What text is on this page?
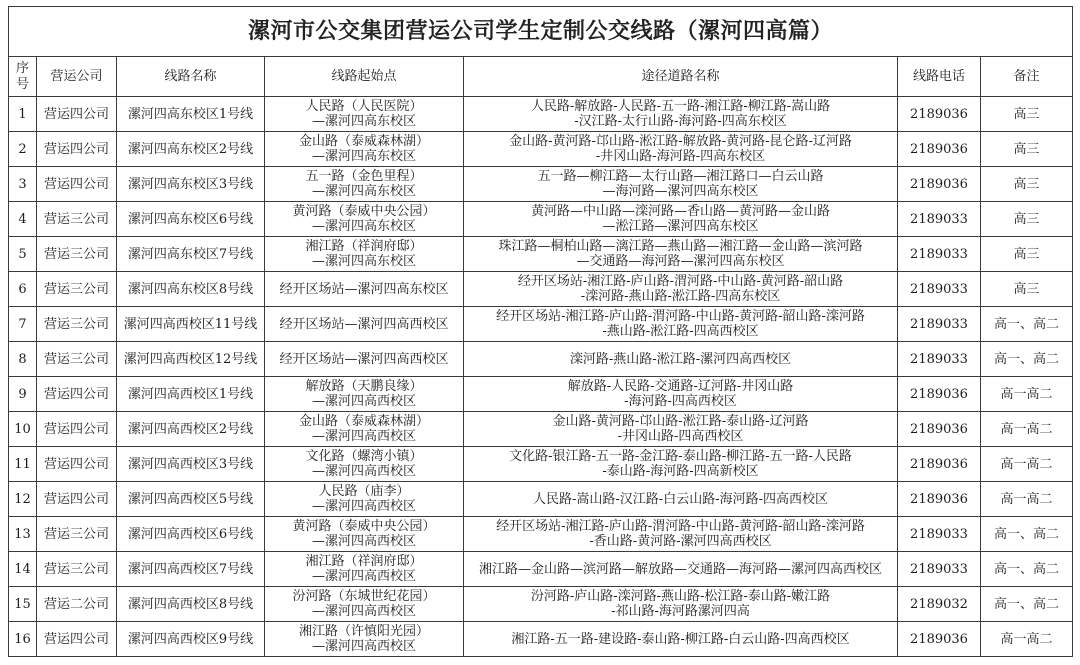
漯河市公交集团营运公司学生定制公交线路（漯河四高篇）						
序号	营运公司	线路名称	线路起始点	途径道路名称	线路电话	备注
1	营运四公司	漯河四高东校区1号线	人民路（人民医院）
—漯河四高东校区	人民路-解放路-人民路-五一路-湘江路-柳江路-嵩山路
-汉江路-太行山路-海河路-四高东校区	2189036	高三
2	营运四公司	漯河四高东校区2号线	金山路（泰威森林湖）
—漯河四高东校区	金山路-黄河路-邙山路-淞江路-解放路-黄河路-昆仑路-辽河路
-井冈山路-海河路-四高东校区	2189036	高三
3	营运四公司	漯河四高东校区3号线	五一路（金色里程）
—漯河四高东校区	五一路—柳江路—太行山路—湘江路口—白云山路
—海河路—漯河四高东校区	2189036	高三
4	营运三公司	漯河四高东校区6号线	黄河路（泰威中央公园）
—漯河四高东校区	黄河路—中山路—滦河路—香山路—黄河路—金山路
—淞江路—漯河四高东校区	2189033	高三
5	营运三公司	漯河四高东校区7号线	湘江路（祥润府邸）
—漯河四高东校区	珠江路—桐柏山路—漓江路—燕山路—湘江路—金山路—滨河路
—交通路—海河路—漯河四高东校区	2189033	高三
6	营运三公司	漯河四高东校区8号线	经开区场站—漯河四高东校区	经开区场站-湘江路-庐山路-渭河路-中山路-黄河路-韶山路
-滦河路-燕山路-淞江路-四高东校区	2189033	高三
7	营运三公司	漯河四高西校区11号线	经开区场站—漯河四高西校区	经开区场站-湘江路-庐山路-渭河路-中山路-黄河路-韶山路-滦河路
-燕山路-淞江路-四高西校区	2189033	高一、高二
8	营运三公司	漯河四高西校区12号线	经开区场站—漯河四高西校区	滦河路-燕山路-淞江路-漯河四高西校区	2189033	高一、高二
9	营运四公司	漯河四高西校区1号线	解放路（天鹏良缘）
—漯河四高西校区	解放路-人民路-交通路-辽河路-井冈山路
-海河路-四高西校区	2189036	高一高二
10	营运四公司	漯河四高西校区2号线	金山路（泰威森林湖）
—漯河四高西校区	金山路-黄河路-邙山路-淞江路-泰山路-辽河路
-井冈山路-四高西校区	2189036	高一高二
11	营运四公司	漯河四高西校区3号线	文化路（螺湾小镇）
—漯河四高西校区	文化路-银江路-五一路-金江路-泰山路-柳江路-五一路-人民路
-泰山路-海河路-四高新校区	2189036	高一高二
12	营运四公司	漯河四高西校区5号线	人民路（庙李）
—漯河四高西校区	人民路-嵩山路-汉江路-白云山路-海河路-四高西校区	2189036	高一高二
13	营运三公司	漯河四高西校区6号线	黄河路（泰威中央公园）
—漯河四高西校区	经开区场站-湘江路-庐山路-渭河路-中山路-黄河路-韶山路-滦河路
-香山路-黄河路-漯河四高西校区	2189033	高一、高二
14	营运三公司	漯河四高西校区7号线	湘江路（祥润府邸）
—漯河四高西校区	湘江路—金山路—滨河路—解放路—交通路—海河路—漯河四高西校区	2189033	高一、高二
15	营运二公司	漯河四高西校区8号线	汾河路（东城世纪花园）
—漯河四高西校区	汾河路-庐山路-滦河路-燕山路-松江路-泰山路-嫩江路
-祁山路-海河路漯河四高	2189032	高一、高二
16	营运四公司	漯河四高西校区9号线	湘江路（许慎阳光园）
—漯河四高西校区	湘江路-五一路-建设路-泰山路-柳江路-白云山路-四高西校区	2189036	高一高二
